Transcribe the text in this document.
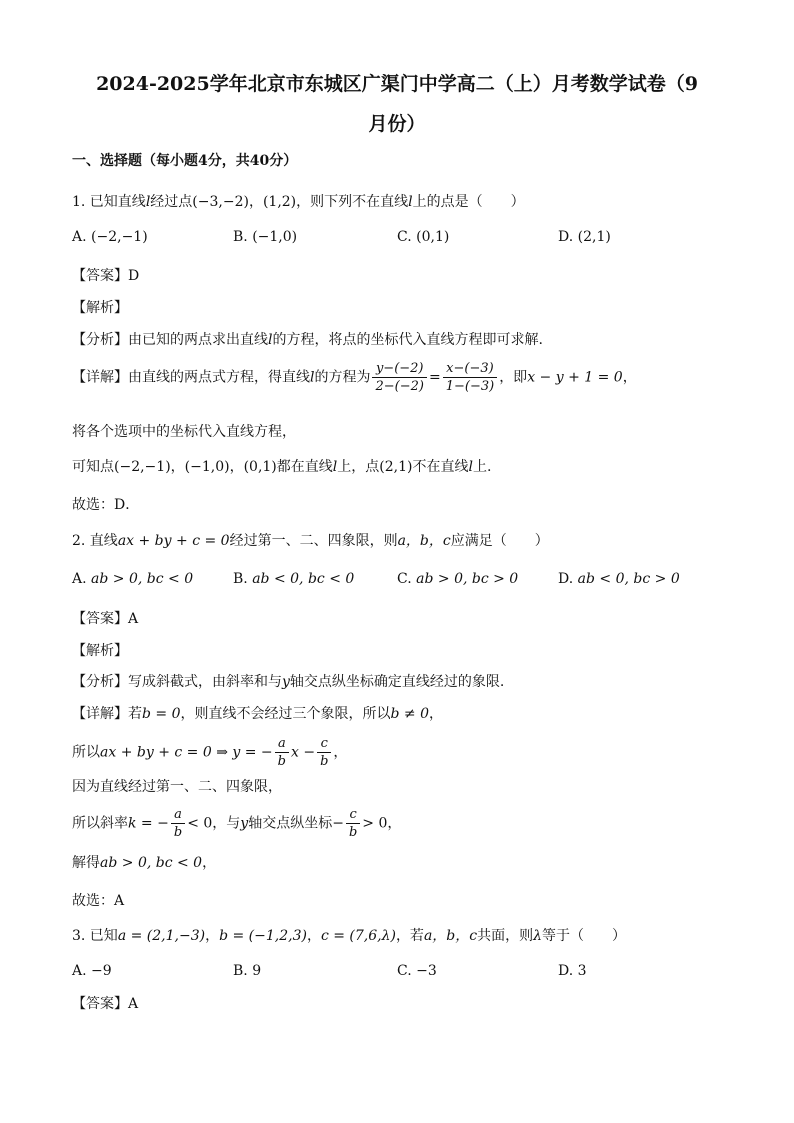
2024-2025学年北京市东城区广渠门中学高二（上）月考数学试卷（9
月份）
一、选择题（每小题4分，共40分）
1. 已知直线l经过点(−3,−2)，(1,2)，则下列不在直线l上的点是（　　）
A. (−2,−1)	B. (−1,0)	C. (0,1)	D. (2,1)
【答案】D
【解析】
【分析】由已知的两点求出直线l的方程，将点的坐标代入直线方程即可求解.
【详解】由直线的两点式方程，得直线l的方程为 $\frac{y-(-2)}{2-(-2)} = \frac{x-(-3)}{1-(-3)}$ ，即x − y + 1 = 0，
将各个选项中的坐标代入直线方程，
可知点(−2,−1)，(−1,0)，(0,1)都在直线l上，点(2,1)不在直线l上.
故选：D．
2. 直线ax + by + c = 0经过第一、二、四象限，则a，b，c应满足（　　）
A. ab > 0, bc < 0	B. ab < 0, bc < 0	C. ab > 0, bc > 0	D. ab < 0, bc > 0
【答案】A
【解析】
【分析】写成斜截式，由斜率和与y轴交点纵坐标确定直线经过的象限.
【详解】若b = 0，则直线不会经过三个象限，所以b ≠ 0，
所以ax + by + c = 0 ⇒ y = − $\frac{a}{b}$ $x - \frac{c}{b}$ ，
因为直线经过第一、二、四象限，
所以斜率k = − $\frac{a}{b} < 0$，与y轴交点纵坐标− $\frac{c}{b} > 0$，
解得ab > 0, bc < 0，
故选：A
3. 已知a = (2,1,−3)，b = (−1,2,3)，c = (7,6,λ)，若a，b，c共面，则λ等于（　　）
A. −9	B. 9	C. −3	D. 3
【答案】A
